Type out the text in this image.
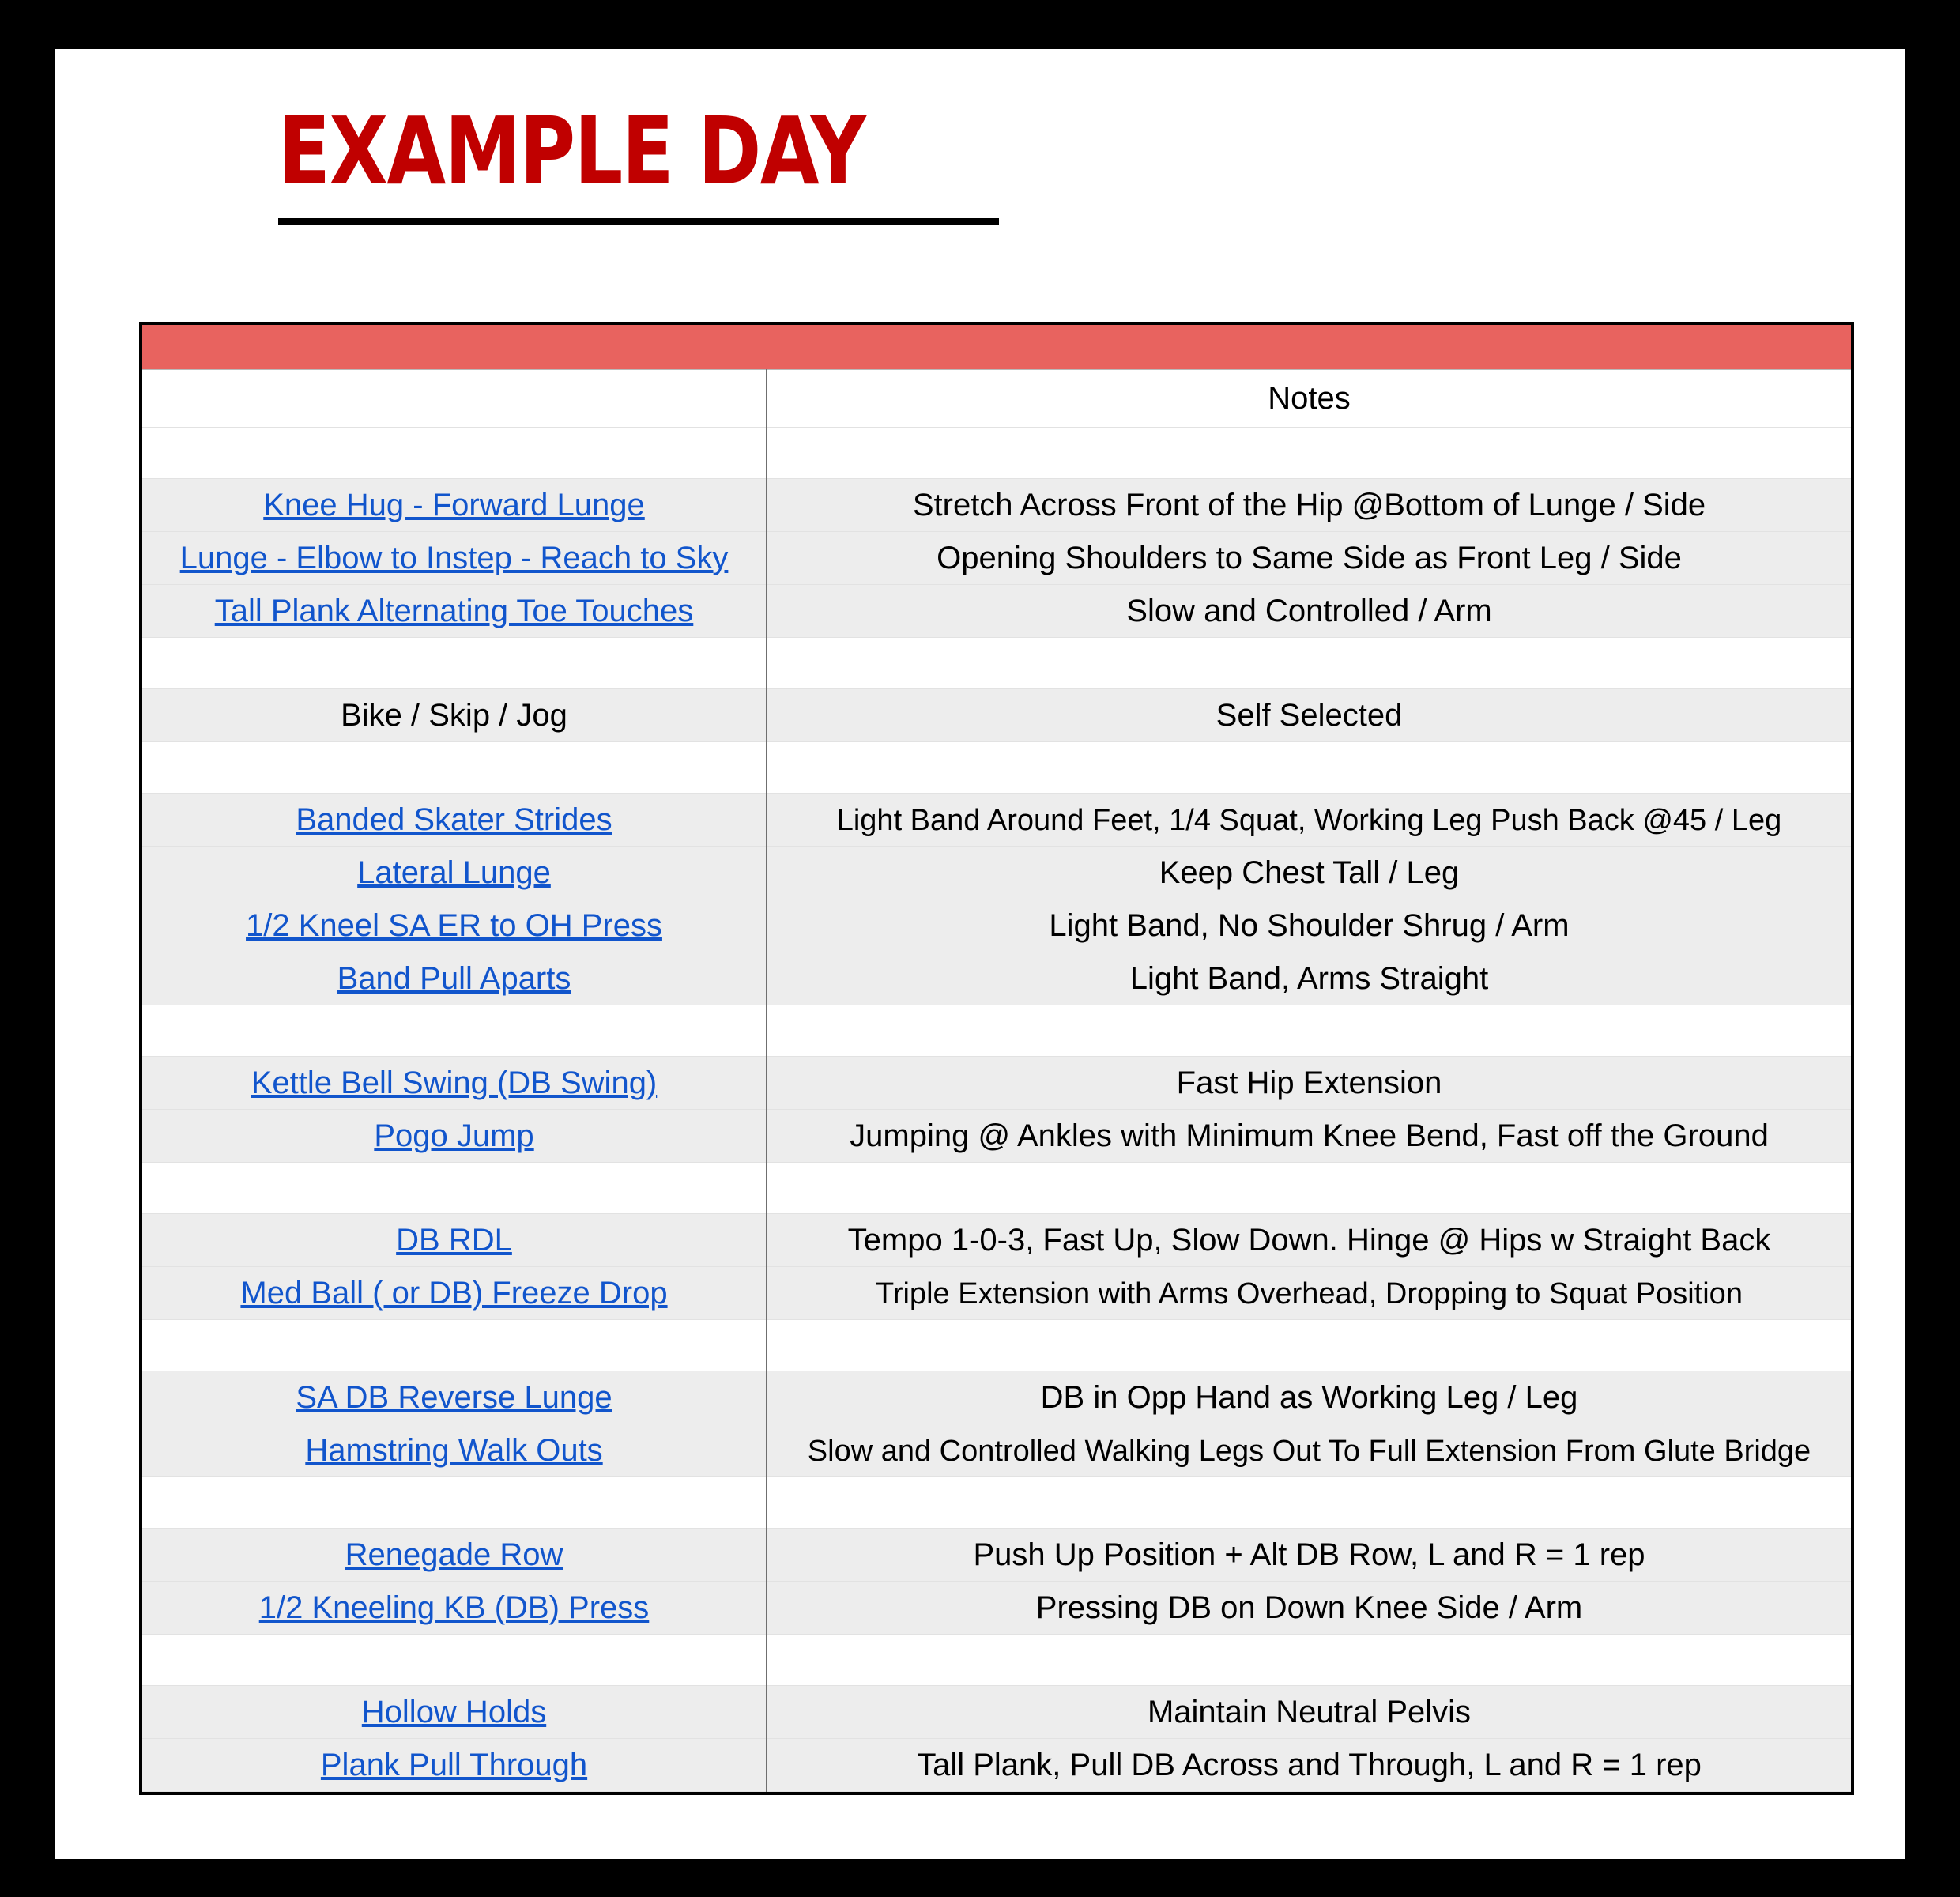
EXAMPLE DAY

	Notes

Knee Hug - Forward Lunge	Stretch Across Front of the Hip @Bottom of Lunge / Side
Lunge - Elbow to Instep - Reach to Sky	Opening Shoulders to Same Side as Front Leg / Side
Tall Plank Alternating Toe Touches	Slow and Controlled / Arm

Bike / Skip / Jog	Self Selected

Banded Skater Strides	Light Band Around Feet, 1/4 Squat, Working Leg Push Back @45 / Leg
Lateral Lunge	Keep Chest Tall / Leg
1/2 Kneel SA ER to OH Press	Light Band, No Shoulder Shrug / Arm
Band Pull Aparts	Light Band, Arms Straight

Kettle Bell Swing (DB Swing)	Fast Hip Extension
Pogo Jump	Jumping @ Ankles with Minimum Knee Bend, Fast off the Ground

DB RDL	Tempo 1-0-3, Fast Up, Slow Down. Hinge @ Hips w Straight Back
Med Ball ( or DB) Freeze Drop	Triple Extension with Arms Overhead, Dropping to Squat Position

SA DB Reverse Lunge	DB in Opp Hand as Working Leg / Leg
Hamstring Walk Outs	Slow and Controlled Walking Legs Out To Full Extension From Glute Bridge

Renegade Row	Push Up Position + Alt DB Row, L and R = 1 rep
1/2 Kneeling KB (DB) Press	Pressing DB on Down Knee Side / Arm

Hollow Holds	Maintain Neutral Pelvis
Plank Pull Through	Tall Plank, Pull DB Across and Through, L and R = 1 rep
